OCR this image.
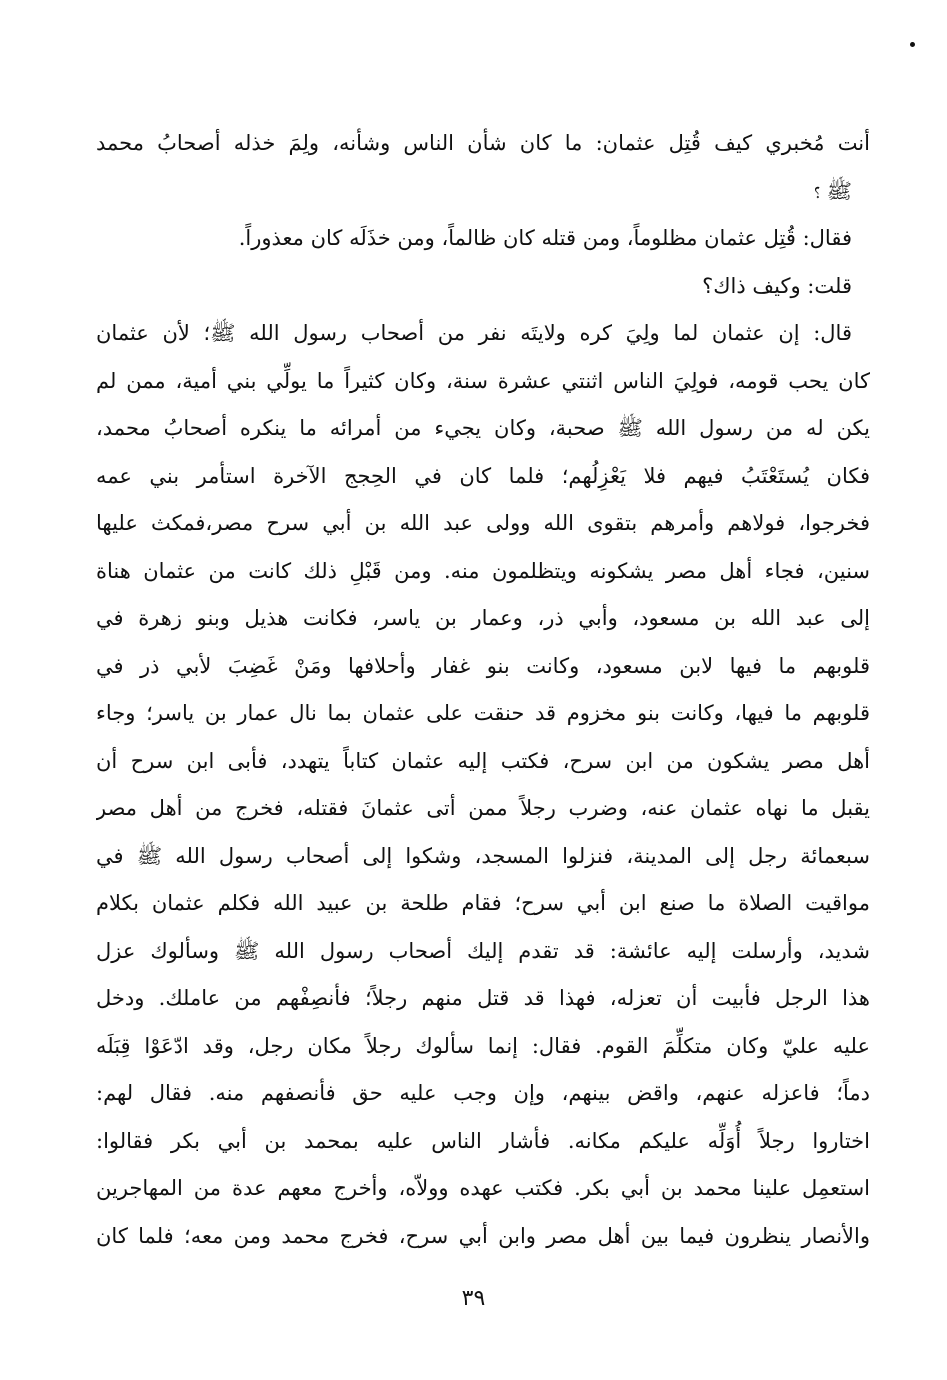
أنت مُخبري كيف قُتِل عثمان: ما كان شأن الناس وشأنه، ولِمَ خذله أصحابُ محمد
ﷺ ؟
فقال: قُتِل عثمان مظلوماً، ومن قتله كان ظالماً، ومن خذَلَه كان معذوراً.
قلت: وكيف ذاك؟
قال: إن عثمان لما ولِيَ كره ولايتَه نفر من أصحاب رسول الله ﷺ؛ لأن عثمان
كان يحب قومه، فولِيَ الناس اثنتي عشرة سنة، وكان كثيراً ما يولِّي بني أمية، ممن لم
يكن له من رسول الله ﷺ صحبة، وكان يجيء من أمرائه ما ينكره أصحابُ محمد،
فكان يُستَعْتَبُ فيهم فلا يَعْزِلُهم؛ فلما كان في الحِجج الآخرة استأمر بني عمه
فخرجوا، فولاهم وأمرهم بتقوى الله وولى عبد الله بن أبي سرح مصر،فمكث عليها
سنين، فجاء أهل مصر يشكونه ويتظلمون منه. ومن قَبْلِ ذلك كانت من عثمان هناة
إلى عبد الله بن مسعود، وأبي ذر، وعمار بن ياسر، فكانت هذيل وبنو زهرة في
قلوبهم ما فيها لابن مسعود، وكانت بنو غفار وأحلافها ومَنْ غَضِبَ لأبي ذر في
قلوبهم ما فيها، وكانت بنو مخزوم قد حنقت على عثمان بما نال عمار بن ياسر؛ وجاء
أهل مصر يشكون من ابن سرح، فكتب إليه عثمان كتاباً يتهدد، فأبى ابن سرح أن
يقبل ما نهاه عثمان عنه، وضرب رجلاً ممن أتى عثمانَ فقتله، فخرج من أهل مصر
سبعمائة رجل إلى المدينة، فنزلوا المسجد، وشكوا إلى أصحاب رسول الله ﷺ في
مواقيت الصلاة ما صنع ابن أبي سرح؛ فقام طلحة بن عبيد الله فكلم عثمان بكلام
شديد، وأرسلت إليه عائشة: قد تقدم إليك أصحاب رسول الله ﷺ وسألوك عزل
هذا الرجل فأبيت أن تعزله، فهذا قد قتل منهم رجلاً؛ فأنصِفْهم من عاملك. ودخل
عليه عليّ وكان متكلِّمَ القوم. فقال: إنما سألوك رجلاً مكان رجل، وقد ادّعَوْا قِبَلَه
دماً؛ فاعزله عنهم، واقض بينهم، وإن وجب عليه حق فأنصفهم منه. فقال لهم:
اختاروا رجلاً أُوَلِّه عليكم مكانه. فأشار الناس عليه بمحمد بن أبي بكر فقالوا:
استعمِل علينا محمد بن أبي بكر. فكتب عهده وولاّه، وأخرج معهم عدة من المهاجرين
والأنصار ينظرون فيما بين أهل مصر وابن أبي سرح، فخرج محمد ومن معه؛ فلما كان
٣٩
